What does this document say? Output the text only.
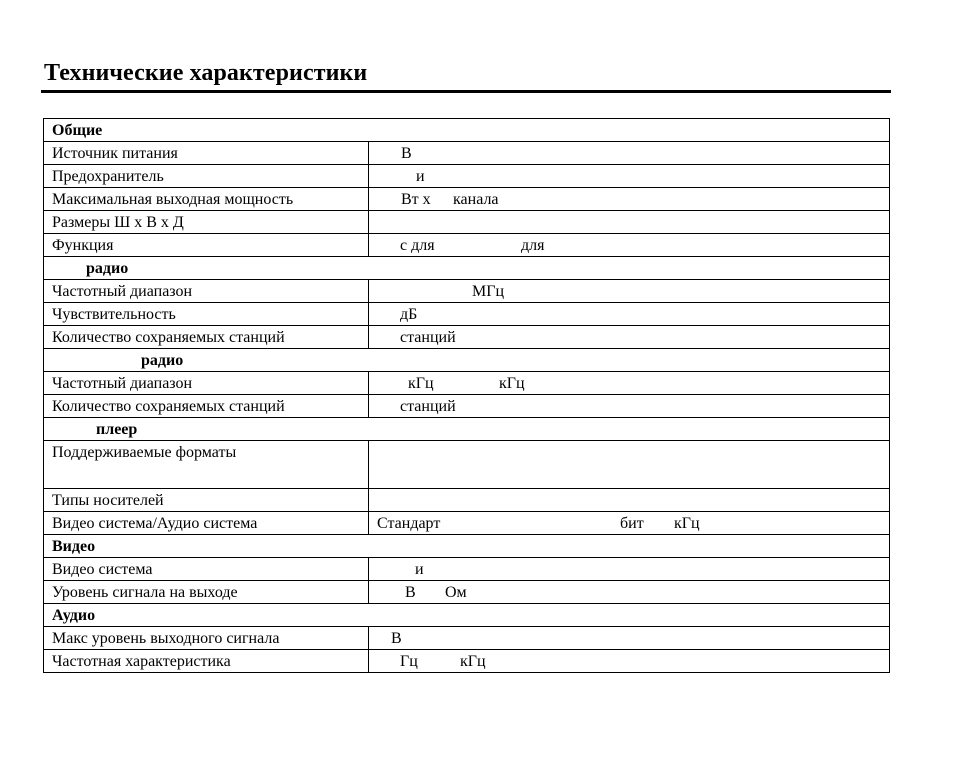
Технические характеристики
Общие	
Источник питания	В

Предохранитель	и

Максимальная выходная мощность	Вт х канала

Размеры Ш х В х Д	
Функция	с для для

радио	
Частотный диапазон	МГц

Чувствительность	дБ

Количество сохраняемых станций	станций

радио	
Частотный диапазон	кГц кГц

Количество сохраняемых станций	станций

плеер	
Поддерживаемые форматы	
Типы носителей	
Видео система/Аудио система	Стандарт бит кГц

Видео	
Видео система	и

Уровень сигнала на выходе	В Ом

Аудио	
Макс уровень выходного сигнала	В

Частотная характеристика	Гц кГц
